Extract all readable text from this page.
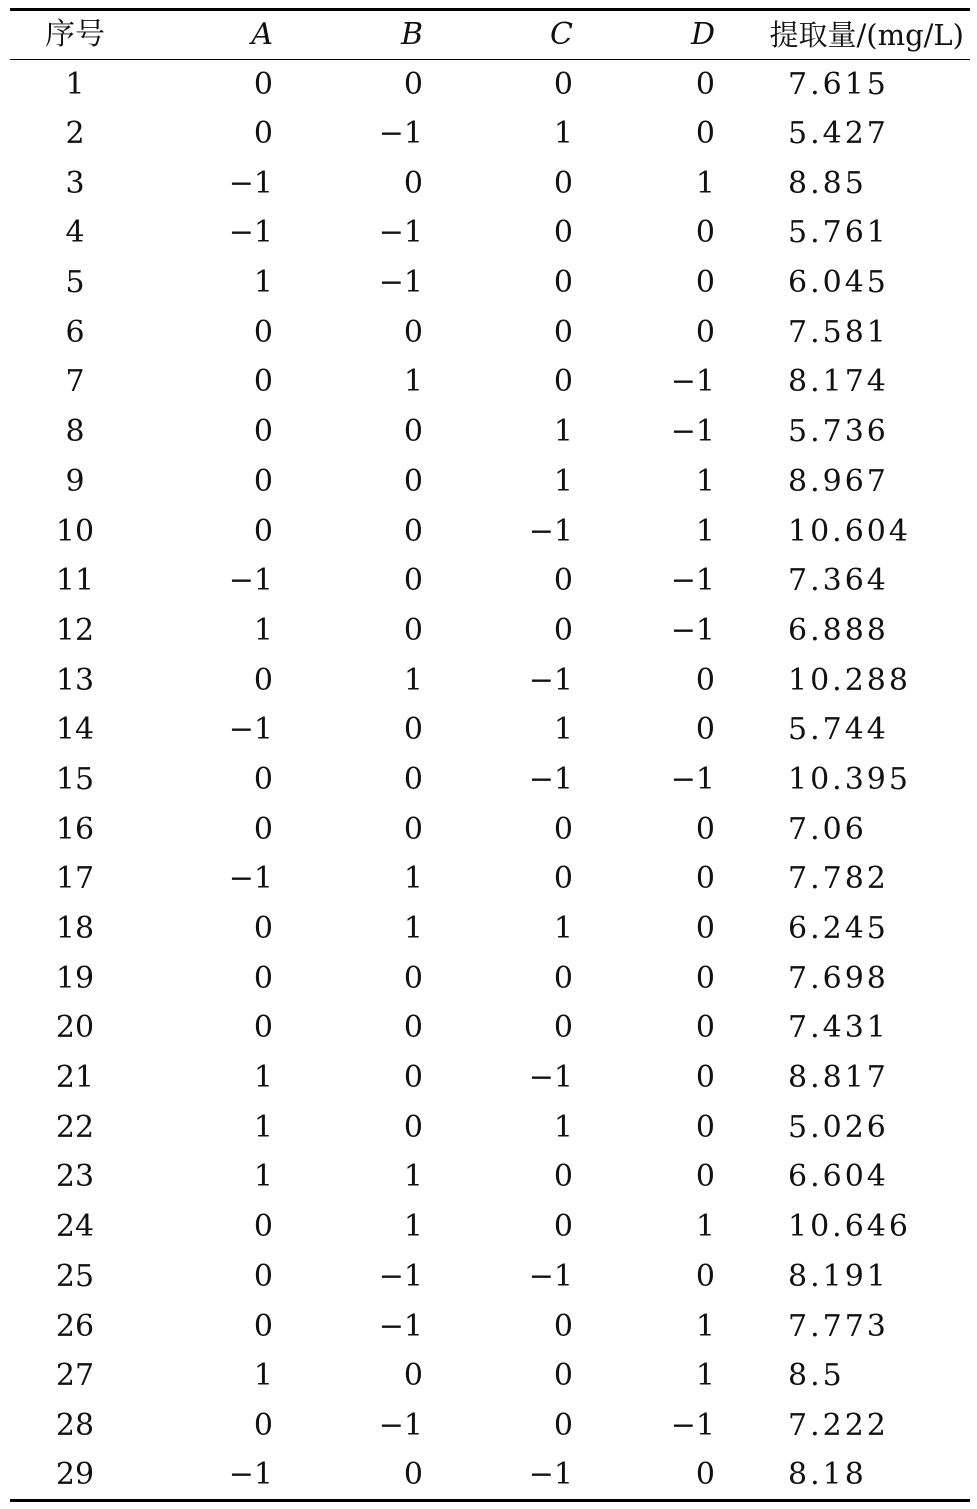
序号	A	B	C	D	提取量/(mg/L)
1	0	0	0	0	7.615
2	0	−1	1	0	5.427
3	−1	0	0	1	8.85
4	−1	−1	0	0	5.761
5	1	−1	0	0	6.045
6	0	0	0	0	7.581
7	0	1	0	−1	8.174
8	0	0	1	−1	5.736
9	0	0	1	1	8.967
10	0	0	−1	1	10.604
11	−1	0	0	−1	7.364
12	1	0	0	−1	6.888
13	0	1	−1	0	10.288
14	−1	0	1	0	5.744
15	0	0	−1	−1	10.395
16	0	0	0	0	7.06
17	−1	1	0	0	7.782
18	0	1	1	0	6.245
19	0	0	0	0	7.698
20	0	0	0	0	7.431
21	1	0	−1	0	8.817
22	1	0	1	0	5.026
23	1	1	0	0	6.604
24	0	1	0	1	10.646
25	0	−1	−1	0	8.191
26	0	−1	0	1	7.773
27	1	0	0	1	8.5
28	0	−1	0	−1	7.222
29	−1	0	−1	0	8.18
